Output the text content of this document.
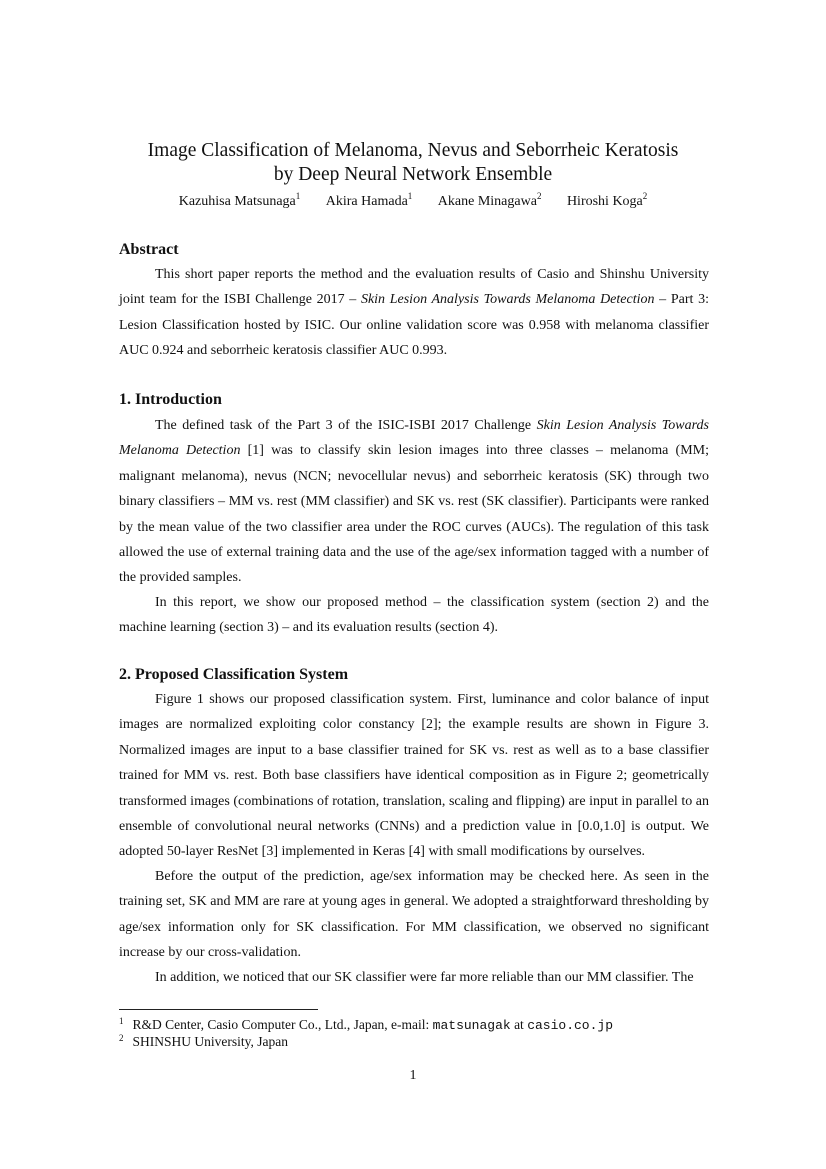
Image Classification of Melanoma, Nevus and Seborrheic Keratosis
by Deep Neural Network Ensemble
Kazuhisa Matsunaga$^1$ Akira Hamada$^1$ Akane Minagawa$^2$ Hiroshi Koga$^2$
Abstract

This short paper reports the method and the evaluation results of Casio and Shinshu University joint team for the ISBI Challenge 2017 – Skin Lesion Analysis Towards Melanoma Detection – Part 3: Lesion Classification hosted by ISIC. Our online validation score was 0.958 with melanoma classifier AUC 0.924 and seborrheic keratosis classifier AUC 0.993.

1. Introduction

The defined task of the Part 3 of the ISIC-ISBI 2017 Challenge Skin Lesion Analysis Towards Melanoma Detection [1] was to classify skin lesion images into three classes – melanoma (MM; malignant melanoma), nevus (NCN; nevocellular nevus) and seborrheic keratosis (SK) through two binary classifiers – MM vs. rest (MM classifier) and SK vs. rest (SK classifier). Participants were ranked by the mean value of the two classifier area under the ROC curves (AUCs). The regulation of this task allowed the use of external training data and the use of the age/sex information tagged with a number of the provided samples.

In this report, we show our proposed method – the classification system (section 2) and the machine learning (section 3) – and its evaluation results (section 4).

2. Proposed Classification System

Figure 1 shows our proposed classification system. First, luminance and color balance of input images are normalized exploiting color constancy [2]; the example results are shown in Figure 3. Normalized images are input to a base classifier trained for SK vs. rest as well as to a base classifier trained for MM vs. rest. Both base classifiers have identical composition as in Figure 2; geometrically transformed images (combinations of rotation, translation, scaling and flipping) are input in parallel to an ensemble of convolutional neural networks (CNNs) and a prediction value in [0.0,1.0] is output. We adopted 50-layer ResNet [3] implemented in Keras [4] with small modifications by ourselves.

Before the output of the prediction, age/sex information may be checked here. As seen in the training set, SK and MM are rare at young ages in general. We adopted a straightforward thresholding by age/sex information only for SK classification. For MM classification, we observed no significant increase by our cross-validation.

In addition, we noticed that our SK classifier were far more reliable than our MM classifier. The

$^1$ R&D Center, Casio Computer Co., Ltd., Japan, e-mail: matsunagak at casio.co.jp
$^2$ SHINSHU University, Japan
1
